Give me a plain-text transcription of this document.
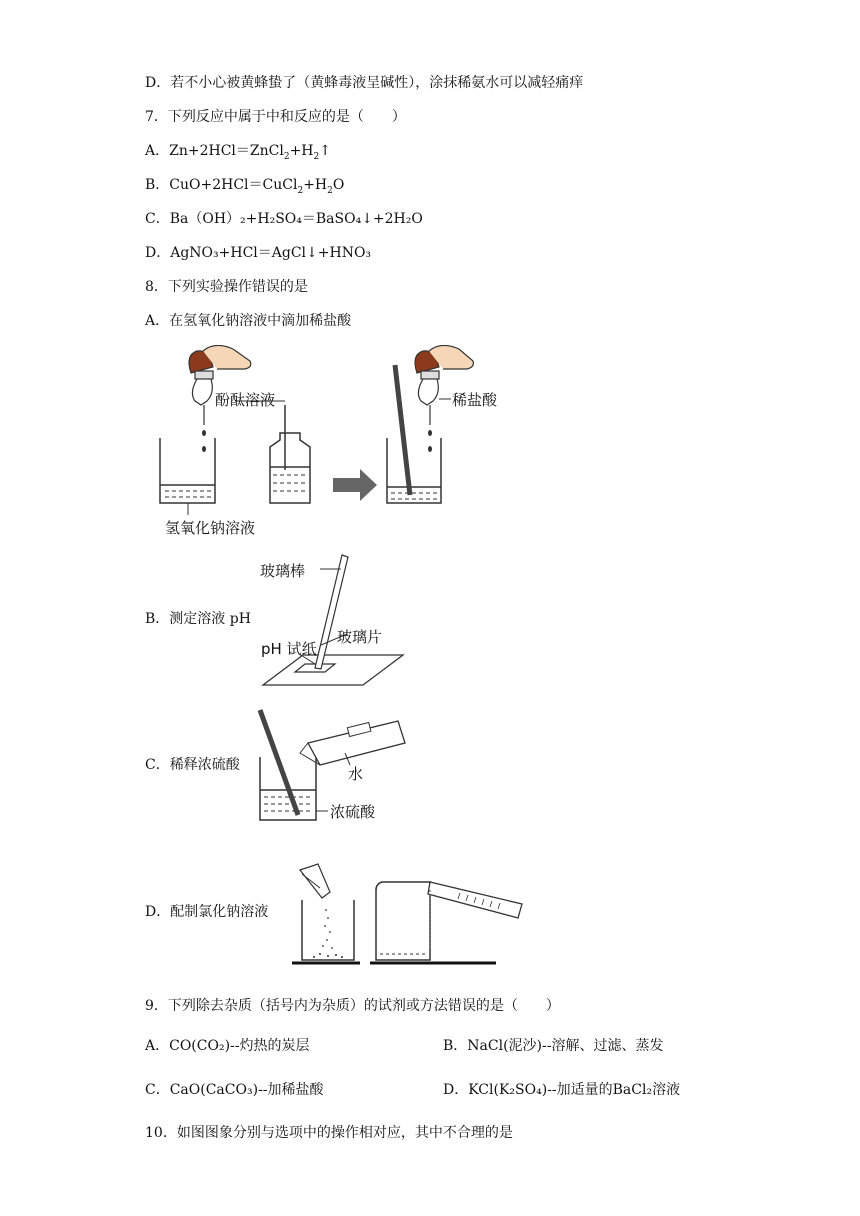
D．若不小心被黄蜂蛰了（黄蜂毒液呈碱性），涂抹稀氨水可以减轻痛痒
7．下列反应中属于中和反应的是（　　）
A．$Zn+2HCl=ZnCl_2+H_2↑$
B．$CuO+2HCl=CuCl_2+H_2O$
C．Ba（OH）₂+H₂SO₄＝BaSO₄↓+2H₂O
D．AgNO₃+HCl＝AgCl↓+HNO₃
8．下列实验操作错误的是
A．在氢氧化钠溶液中滴加稀盐酸
酚酞溶液
氢氧化钠溶液
稀盐酸
B．测定溶液 pH
玻璃棒
pH 试纸
玻璃片
C．稀释浓硫酸	水
浓硫酸
D．配制氯化钠溶液
9．下列除去杂质（括号内为杂质）的试剂或方法错误的是（　　）
A．CO(CO₂)--灼热的炭层	B．NaCl(泥沙)--溶解、过滤、蒸发
C．CaO(CaCO₃)--加稀盐酸	D．KCl(K₂SO₄)--加适量的BaCl₂溶液
10．如图图象分别与选项中的操作相对应，其中不合理的是
